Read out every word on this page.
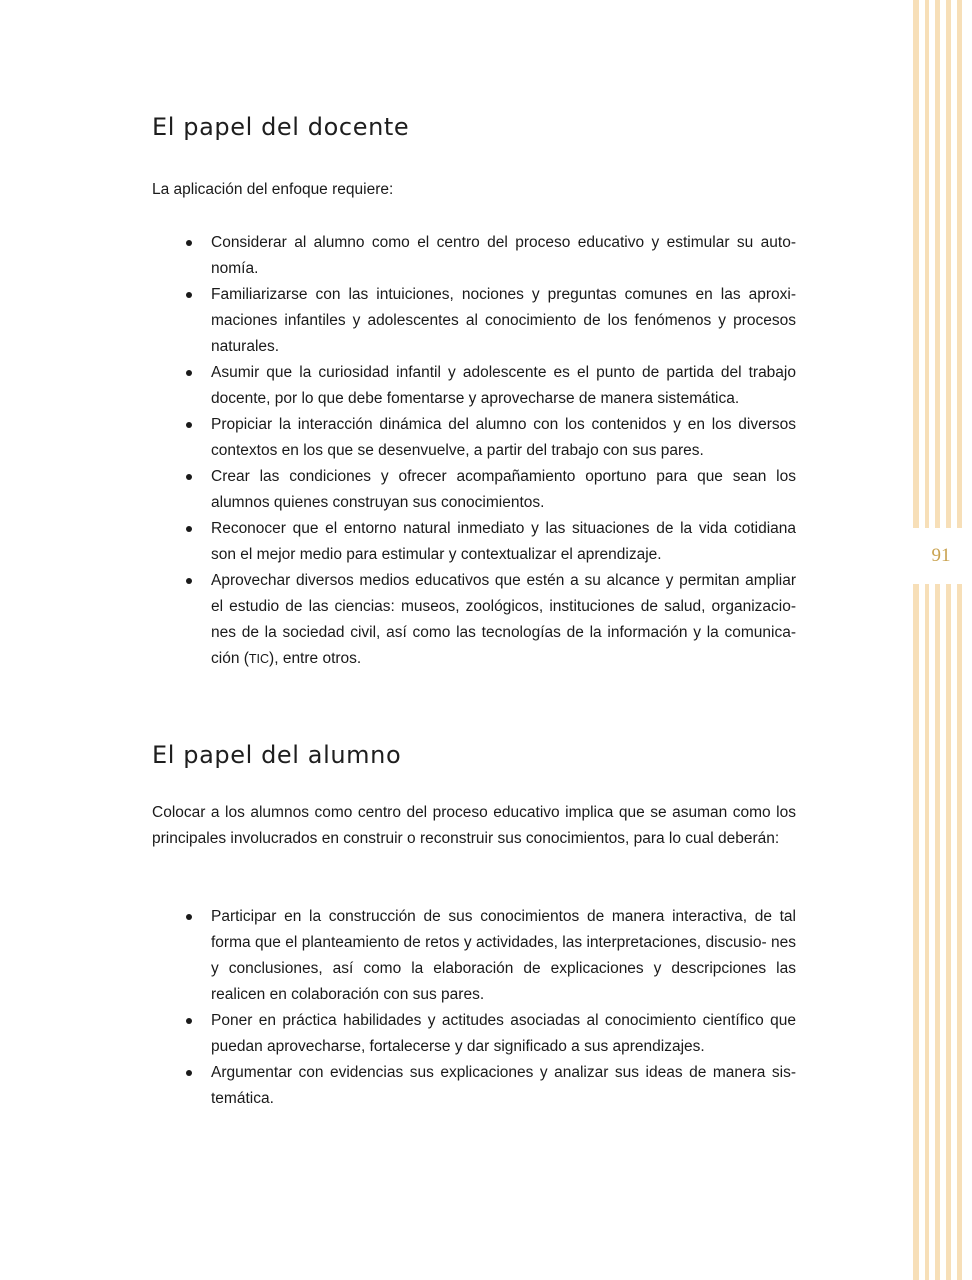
91
El papel del docente

La aplicación del enfoque requiere:

Considerar al alumno como el centro del proceso educativo y estimular su auto- nomía.
Familiarizarse con las intuiciones, nociones y preguntas comunes en las aproxi- maciones infantiles y adolescentes al conocimiento de los fenómenos y procesos naturales.
Asumir que la curiosidad infantil y adolescente es el punto de partida del trabajo docente, por lo que debe fomentarse y aprovecharse de manera sistemática.
Propiciar la interacción dinámica del alumno con los contenidos y en los diversos contextos en los que se desenvuelve, a partir del trabajo con sus pares.
Crear las condiciones y ofrecer acompañamiento oportuno para que sean los alumnos quienes construyan sus conocimientos.
Reconocer que el entorno natural inmediato y las situaciones de la vida cotidiana son el mejor medio para estimular y contextualizar el aprendizaje.
Aprovechar diversos medios educativos que estén a su alcance y permitan ampliar el estudio de las ciencias: museos, zoológicos, instituciones de salud, organizacio- nes de la sociedad civil, así como las tecnologías de la información y la comunica- ción (TIC), entre otros.
El papel del alumno

Colocar a los alumnos como centro del proceso educativo implica que se asuman como los principales involucrados en construir o reconstruir sus conocimientos, para lo cual deberán:

Participar en la construcción de sus conocimientos de manera interactiva, de tal forma que el planteamiento de retos y actividades, las interpretaciones, discusio- nes y conclusiones, así como la elaboración de explicaciones y descripciones las realicen en colaboración con sus pares.
Poner en práctica habilidades y actitudes asociadas al conocimiento científico que puedan aprovecharse, fortalecerse y dar significado a sus aprendizajes.
Argumentar con evidencias sus explicaciones y analizar sus ideas de manera sis- temática.
